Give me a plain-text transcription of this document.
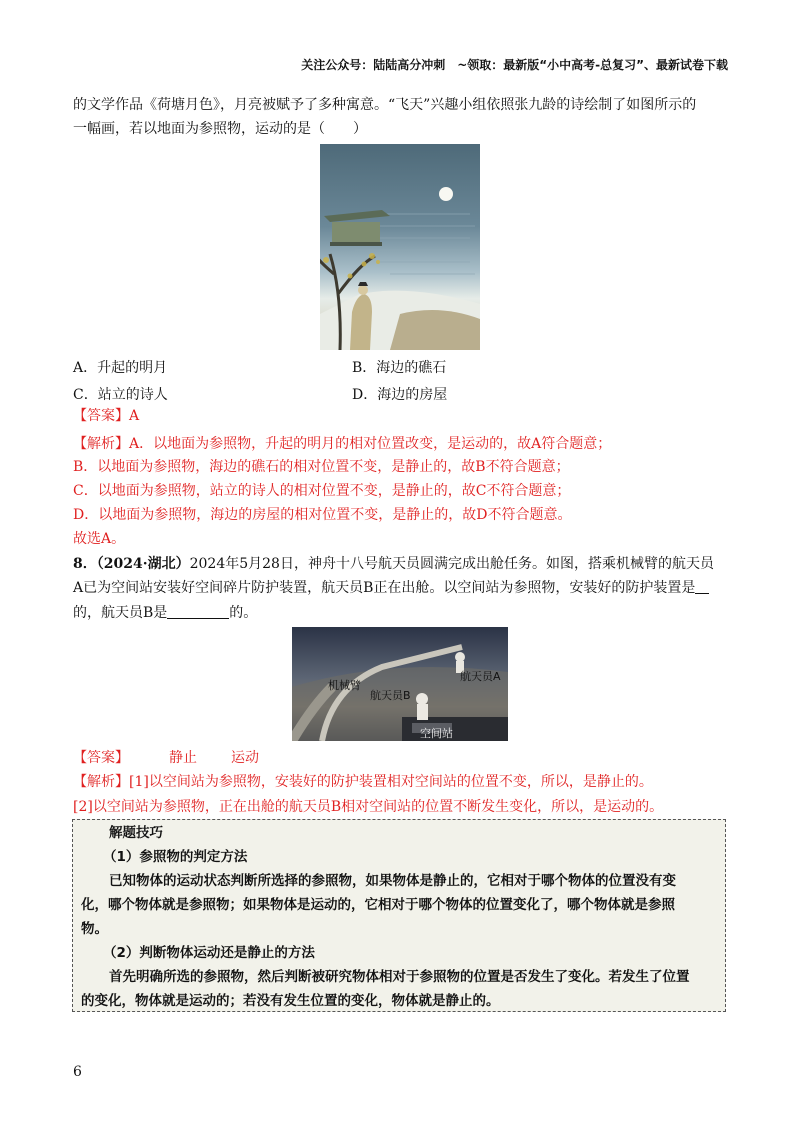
关注公众号：陆陆高分冲刺　~领取：最新版“小中高考-总复习”、最新试卷下载
的文学作品《荷塘月色》，月亮被赋予了多种寓意。“飞天”兴趣小组依照张九龄的诗绘制了如图所示的
一幅画，若以地面为参照物，运动的是（　　）
A．升起的明月	B．海边的礁石
C．站立的诗人	D．海边的房屋
【答案】A
【解析】A．以地面为参照物，升起的明月的相对位置改变，是运动的，故A符合题意；
B．以地面为参照物，海边的礁石的相对位置不变，是静止的，故B不符合题意；
C．以地面为参照物，站立的诗人的相对位置不变，是静止的，故C不符合题意；
D．以地面为参照物，海边的房屋的相对位置不变，是静止的，故D不符合题意。
故选A。
8．（2024·湖北）2024年5月28日，神舟十八号航天员圆满完成出舱任务。如图，搭乘机械臂的航天员
A已为空间站安装好空间碎片防护装置，航天员B正在出舱。以空间站为参照物，安装好的防护装置是
的，航天员B是	的。
机械臂
航天员B
航天员A
空间站
【答案】	静止 运动
【解析】[1]以空间站为参照物，安装好的防护装置相对空间站的位置不变，所以，是静止的。
[2]以空间站为参照物，正在出舱的航天员B相对空间站的位置不断发生变化，所以，是运动的。
解题技巧
（1）参照物的判定方法
已知物体的运动状态判断所选择的参照物，如果物体是静止的，它相对于哪个物体的位置没有变
化，哪个物体就是参照物；如果物体是运动的，它相对于哪个物体的位置变化了，哪个物体就是参照
物。
（2）判断物体运动还是静止的方法
首先明确所选的参照物，然后判断被研究物体相对于参照物的位置是否发生了变化。若发生了位置
的变化，物体就是运动的；若没有发生位置的变化，物体就是静止的。
6
